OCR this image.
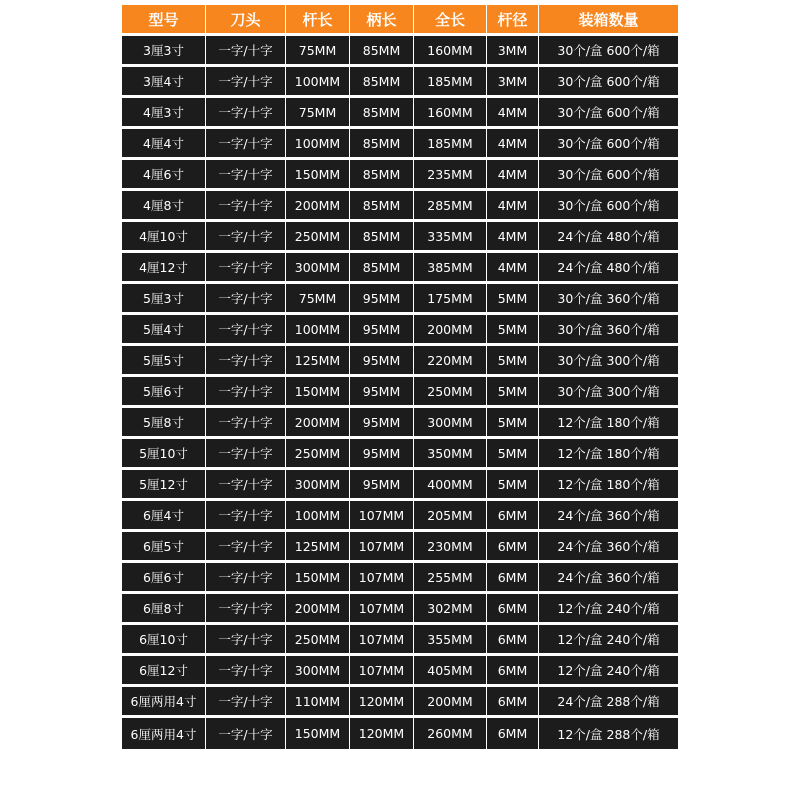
型号	刀头	杆长	柄长	全长	杆径	装箱数量
3厘3寸	一字/十字	75MM	85MM	160MM	3MM	30个/盒 600个/箱
3厘4寸	一字/十字	100MM	85MM	185MM	3MM	30个/盒 600个/箱
4厘3寸	一字/十字	75MM	85MM	160MM	4MM	30个/盒 600个/箱
4厘4寸	一字/十字	100MM	85MM	185MM	4MM	30个/盒 600个/箱
4厘6寸	一字/十字	150MM	85MM	235MM	4MM	30个/盒 600个/箱
4厘8寸	一字/十字	200MM	85MM	285MM	4MM	30个/盒 600个/箱
4厘10寸	一字/十字	250MM	85MM	335MM	4MM	24个/盒 480个/箱
4厘12寸	一字/十字	300MM	85MM	385MM	4MM	24个/盒 480个/箱
5厘3寸	一字/十字	75MM	95MM	175MM	5MM	30个/盒 360个/箱
5厘4寸	一字/十字	100MM	95MM	200MM	5MM	30个/盒 360个/箱
5厘5寸	一字/十字	125MM	95MM	220MM	5MM	30个/盒 300个/箱
5厘6寸	一字/十字	150MM	95MM	250MM	5MM	30个/盒 300个/箱
5厘8寸	一字/十字	200MM	95MM	300MM	5MM	12个/盒 180个/箱
5厘10寸	一字/十字	250MM	95MM	350MM	5MM	12个/盒 180个/箱
5厘12寸	一字/十字	300MM	95MM	400MM	5MM	12个/盒 180个/箱
6厘4寸	一字/十字	100MM	107MM	205MM	6MM	24个/盒 360个/箱
6厘5寸	一字/十字	125MM	107MM	230MM	6MM	24个/盒 360个/箱
6厘6寸	一字/十字	150MM	107MM	255MM	6MM	24个/盒 360个/箱
6厘8寸	一字/十字	200MM	107MM	302MM	6MM	12个/盒 240个/箱
6厘10寸	一字/十字	250MM	107MM	355MM	6MM	12个/盒 240个/箱
6厘12寸	一字/十字	300MM	107MM	405MM	6MM	12个/盒 240个/箱
6厘两用4寸	一字/十字	110MM	120MM	200MM	6MM	24个/盒 288个/箱
6厘两用4寸	一字/十字	150MM	120MM	260MM	6MM	12个/盒 288个/箱
